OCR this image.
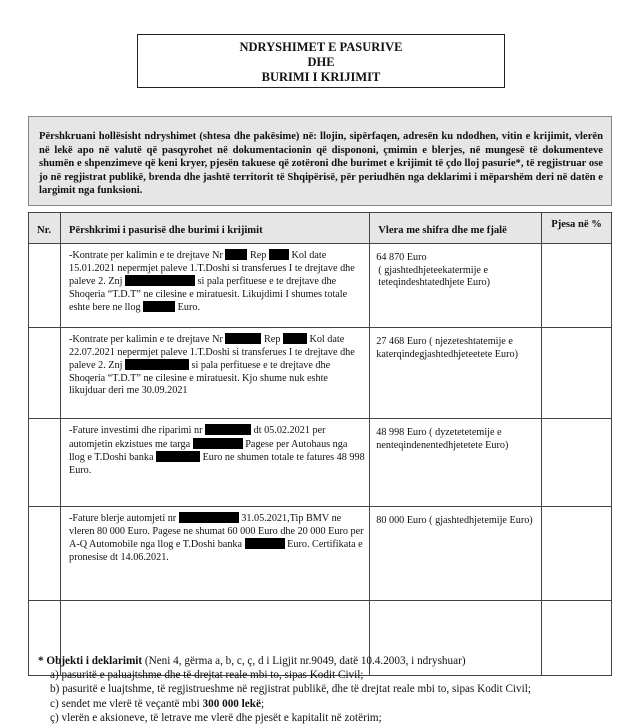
NDRYSHIMET E PASURIVE
DHE
BURIMI I KRIJIMIT
Përshkruani hollësisht ndryshimet (shtesa dhe pakësime) në: llojin, sipërfaqen, adresën ku ndodhen, vitin e krijimit, vlerën në lekë apo në valutë që pasqyrohet në dokumentacionin që dispononi, çmimin e blerjes, në mungesë të dokumenteve shumën e shpenzimeve që keni kryer, pjesën takuese që zotëroni dhe burimet e krijimit të çdo lloj pasurie*, të regjistruar ose jo në regjistrat publikë, brenda dhe jashtë territorit të Shqipërisë, për periudhën nga deklarimi i mëparshëm deri në datën e largimit nga funksioni.
Nr.	Përshkrimi i pasurisë dhe burimi i krijimit	Vlera me shifra dhe me fjalë	Pjesa në %
	-Kontrate per kalimin e te drejtave Nr Rep Kol date 15.01.2021 nepermjet paleve 1.T.Doshi si transferues I te drejtave dhe paleve 2. Znj si pala perfituese e te drejtave dhe Shoqeria “T.D.T” ne cilesine e miratuesit. Likujdimi I shumes totale eshte bere ne llog Euro.	64 870 Euro
( gjashtedhjeteekatermije e teteqindeshtatedhjete Euro)	

	-Kontrate per kalimin e te drejtave Nr Rep Kol date 22.07.2021 nepermjet paleve 1.T.Doshi si transferues I te drejtave dhe paleve 2. Znj si pala perfituese e te drejtave dhe Shoqeria “T.D.T” ne cilesine e miratuesit. Kjo shume nuk eshte likujduar deri me 30.09.2021	27 468 Euro ( njezeteshtatemije e katerqindegjashtedhjeteetete Euro)	

	-Fature investimi dhe riparimi nr dt 05.02.2021 per automjetin ekzistues me targa Pagese per Autohaus nga llog e T.Doshi banka Euro ne shumen totale te fatures 48 998 Euro.	48 998 Euro ( dyzetetetemije e nenteqindenentedhjetetete Euro)	

	-Fature blerje automjeti nr 31.05.2021,Tip BMV ne vleren 80 000 Euro. Pagese ne shumat 60 000 Euro dhe 20 000 Euro per A-Q Automobile nga llog e T.Doshi banka Euro. Certifikata e pronesise dt 14.06.2021.	80 000 Euro ( gjashtedhjetemije Euro)	

* Objekti i deklarimit (Neni 4, gërma a, b, c, ç, d i Ligjit nr.9049, datë 10.4.2003, i ndryshuar)
a) pasuritë e paluajtshme dhe të drejtat reale mbi to, sipas Kodit Civil;
b) pasuritë e luajtshme, të regjistrueshme në regjistrat publikë, dhe të drejtat reale mbi to, sipas Kodit Civil;
c) sendet me vlerë të veçantë mbi 300 000 lekë;
ç) vlerën e aksioneve, të letrave me vlerë dhe pjesët e kapitalit në zotërim;
